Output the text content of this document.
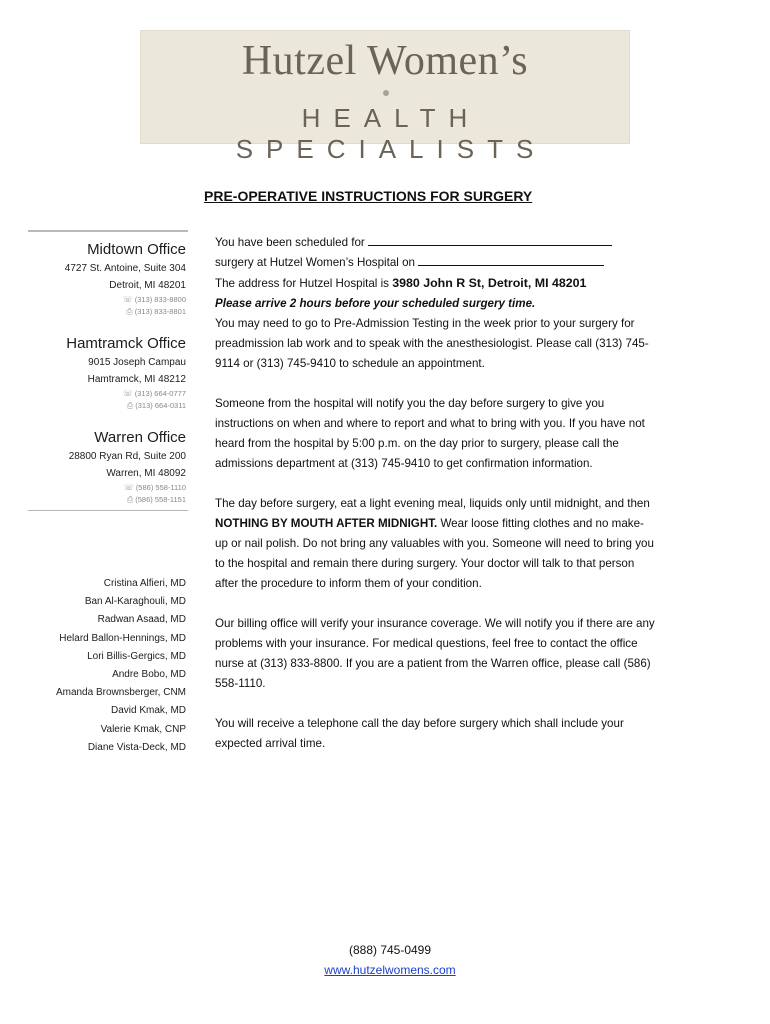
Hutzel Women’s
HEALTH SPECIALISTS
PRE-OPERATIVE INSTRUCTIONS FOR SURGERY
Midtown Office
4727 St. Antoine, Suite 304
Detroit, MI 48201
☏ (313) 833-8800
⎙ (313) 833-8801
Hamtramck Office
9015 Joseph Campau
Hamtramck, MI 48212
☏ (313) 664-0777
⎙ (313) 664-0311
Warren Office
28800 Ryan Rd, Suite 200
Warren, MI 48092
☏ (586) 558-1110
⎙ (586) 558-1151
Cristina Alfieri, MD
Ban Al-Karaghouli, MD
Radwan Asaad, MD
Helard Ballon-Hennings, MD
Lori Billis-Gergics, MD
Andre Bobo, MD
Amanda Brownsberger, CNM
David Kmak, MD
Valerie Kmak, CNP
Diane Vista-Deck, MD

You have been scheduled for

surgery at Hutzel Women’s Hospital on

The address for Hutzel Hospital is 3980 John R St, Detroit, MI 48201

Please arrive 2 hours before your scheduled surgery time.

You may need to go to Pre-Admission Testing in the week prior to your surgery for preadmission lab work and to speak with the anesthesiologist. Please call (313) 745-9114 or (313) 745-9410 to schedule an appointment.

Someone from the hospital will notify you the day before surgery to give you instructions on when and where to report and what to bring with you. If you have not heard from the hospital by 5:00 p.m. on the day prior to surgery, please call the admissions department at (313) 745-9410 to get confirmation information.

The day before surgery, eat a light evening meal, liquids only until midnight, and then NOTHING BY MOUTH AFTER MIDNIGHT. Wear loose fitting clothes and no make-up or nail polish. Do not bring any valuables with you. Someone will need to bring you to the hospital and remain there during surgery. Your doctor will talk to that person after the procedure to inform them of your condition.

Our billing office will verify your insurance coverage. We will notify you if there are any problems with your insurance. For medical questions, feel free to contact the office nurse at (313) 833-8800. If you are a patient from the Warren office, please call (586) 558-1110.

You will receive a telephone call the day before surgery which shall include your expected arrival time.

(888) 745-0499
www.hutzelwomens.com
